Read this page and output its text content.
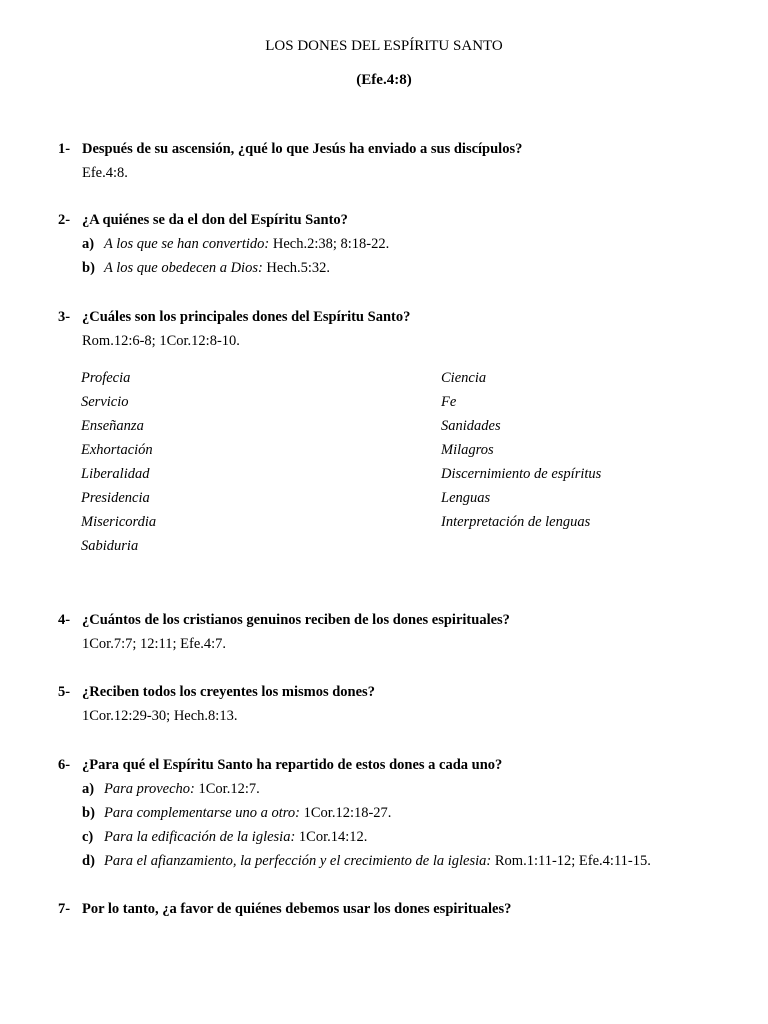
LOS DONES DEL ESPÍRITU SANTO
(Efe.4:8)
1- Después de su ascensión, ¿qué lo que Jesús ha enviado a sus discípulos?
Efe.4:8.
2- ¿A quiénes se da el don del Espíritu Santo?
a) A los que se han convertido: Hech.2:38; 8:18-22.
b) A los que obedecen a Dios: Hech.5:32.
3- ¿Cuáles son los principales dones del Espíritu Santo?
Rom.12:6-8; 1Cor.12:8-10.
Profecia
Servicio
Enseñanza
Exhortación
Liberalidad
Presidencia
Misericordia
Sabiduria
Ciencia
Fe
Sanidades
Milagros
Discernimiento de espíritus
Lenguas
Interpretación de lenguas
4- ¿Cuántos de los cristianos genuinos reciben de los dones espirituales?
1Cor.7:7; 12:11; Efe.4:7.
5- ¿Reciben todos los creyentes los mismos dones?
1Cor.12:29-30; Hech.8:13.
6- ¿Para qué el Espíritu Santo ha repartido de estos dones a cada uno?
a) Para provecho: 1Cor.12:7.
b) Para complementarse uno a otro: 1Cor.12:18-27.
c) Para la edificación de la iglesia: 1Cor.14:12.
d) Para el afianzamiento, la perfección y el crecimiento de la iglesia: Rom.1:11-12; Efe.4:11-15.
7- Por lo tanto, ¿a favor de quiénes debemos usar los dones espirituales?
